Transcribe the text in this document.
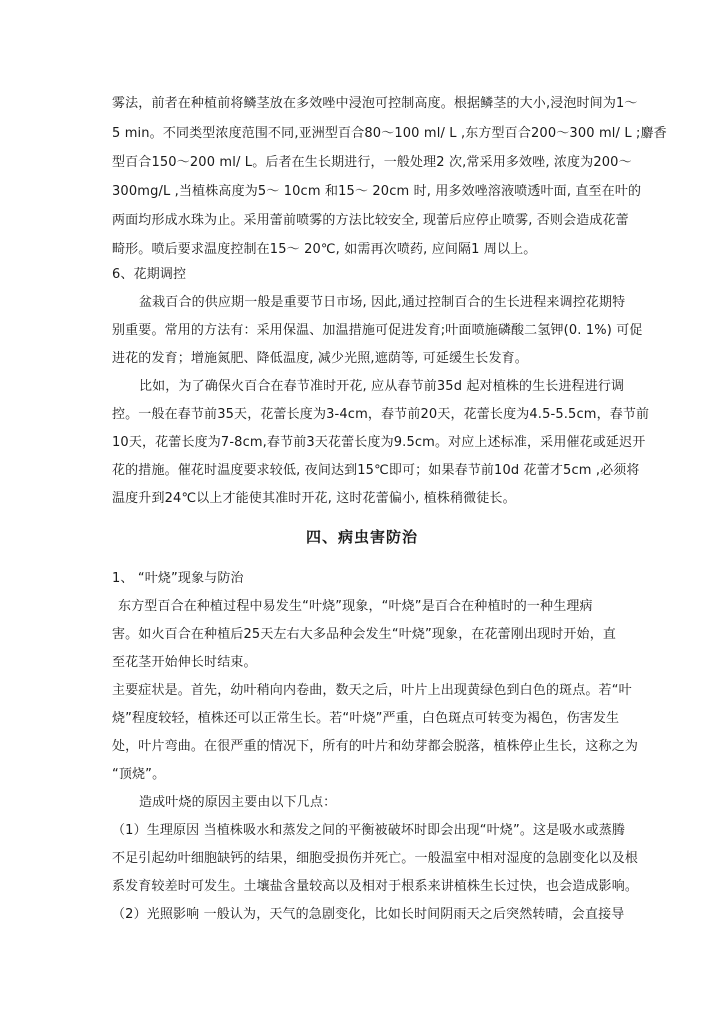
雾法，前者在种植前将鳞茎放在多效唑中浸泡可控制高度。根据鳞茎的大小,浸泡时间为1～
5 min。不同类型浓度范围不同,亚洲型百合80～100 ml/ L ,东方型百合200～300 ml/ L ;麝香
型百合150～200 ml/ L。后者在生长期进行，一般处理2 次,常采用多效唑, 浓度为200～
300mg/L ,当植株高度为5～ 10cm 和15～ 20cm 时, 用多效唑溶液喷透叶面, 直至在叶的
两面均形成水珠为止。采用蕾前喷雾的方法比较安全, 现蕾后应停止喷雾, 否则会造成花蕾
畸形。喷后要求温度控制在15～ 20℃, 如需再次喷药, 应间隔1 周以上。
6、花期调控
盆栽百合的供应期一般是重要节日市场, 因此,通过控制百合的生长进程来调控花期特
别重要。常用的方法有：采用保温、加温措施可促进发育;叶面喷施磷酸二氢钾(0. 1%) 可促
进花的发育；增施氮肥、降低温度, 减少光照,遮荫等, 可延缓生长发育。
比如，为了确保火百合在春节准时开花, 应从春节前35d 起对植株的生长进程进行调
控。一般在春节前35天，花蕾长度为3-4cm，春节前20天，花蕾长度为4.5-5.5cm，春节前
10天，花蕾长度为7-8cm,春节前3天花蕾长度为9.5cm。对应上述标准，采用催花或延迟开
花的措施。催花时温度要求较低, 夜间达到15℃即可；如果春节前10d 花蕾才5cm ,必须将
温度升到24℃以上才能使其准时开花, 这时花蕾偏小, 植株稍微徒长。
四、病虫害防治
1、 “叶烧”现象与防治
东方型百合在种植过程中易发生“叶烧”现象，“叶烧”是百合在种植时的一种生理病
害。如火百合在种植后25天左右大多品种会发生“叶烧”现象，在花蕾刚出现时开始，直
至花茎开始伸长时结束。
主要症状是。首先，幼叶稍向内卷曲，数天之后，叶片上出现黄绿色到白色的斑点。若“叶
烧”程度较轻，植株还可以正常生长。若“叶烧”严重，白色斑点可转变为褐色，伤害发生
处，叶片弯曲。在很严重的情况下，所有的叶片和幼芽都会脱落，植株停止生长，这称之为
“顶烧”。
造成叶烧的原因主要由以下几点：
（1）生理原因 当植株吸水和蒸发之间的平衡被破坏时即会出现“叶烧”。这是吸水或蒸腾
不足引起幼叶细胞缺钙的结果，细胞受损伤并死亡。一般温室中相对湿度的急剧变化以及根
系发育较差时可发生。土壤盐含量较高以及相对于根系来讲植株生长过快，也会造成影响。
（2）光照影响 一般认为，天气的急剧变化，比如长时间阴雨天之后突然转晴，会直接导
